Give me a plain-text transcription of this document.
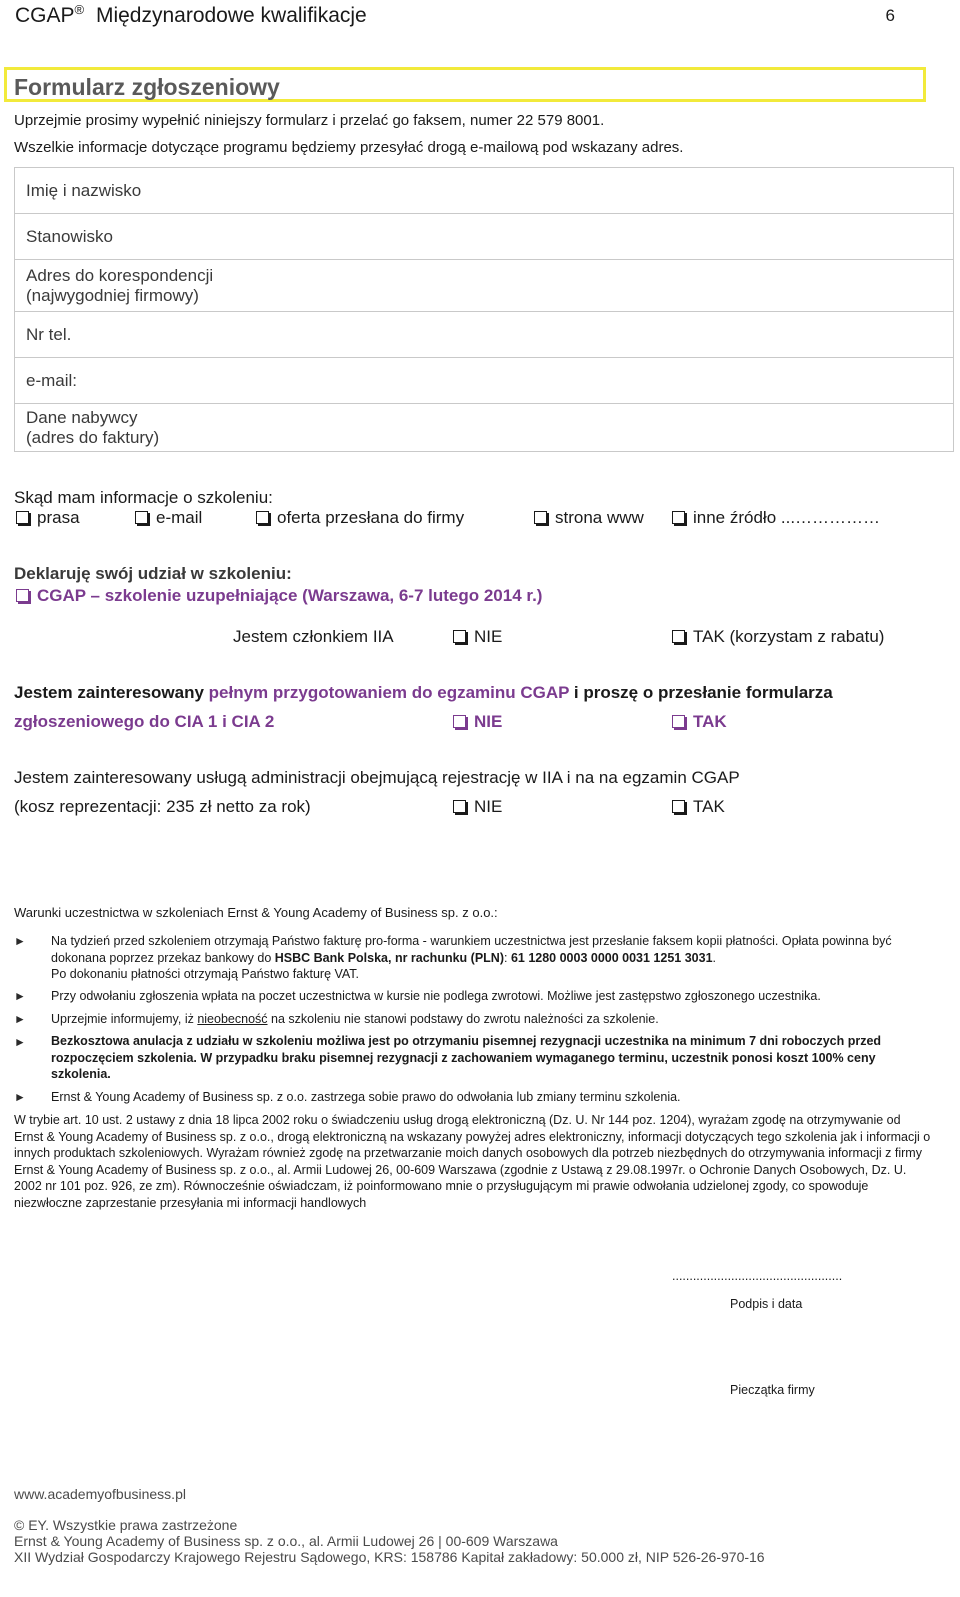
CGAP® Międzynarodowe kwalifikacje	6
Formularz zgłoszeniowy
Uprzejmie prosimy wypełnić niniejszy formularz i przelać go faksem, numer 22 579 8001.
Wszelkie informacje dotyczące programu będziemy przesyłać drogą e-mailową pod wskazany adres.
Imię i nazwisko	
Stanowisko	
Adres do korespondencji
(najwygodniej firmowy)	
Nr tel.	
e-mail:	
Dane nabywcy
(adres do faktury)	
Skąd mam informacje o szkoleniu:
prasa	e-mail	oferta przesłana do firmy	strona www	inne źródło ...……………
Deklaruję swój udział w szkoleniu:
CGAP – szkolenie uzupełniające (Warszawa, 6-7 lutego 2014 r.)
Jestem członkiem IIA	NIE	TAK (korzystam z rabatu)
Jestem zainteresowany pełnym przygotowaniem do egzaminu CGAP i proszę o przesłanie formularza
zgłoszeniowego do CIA 1 i CIA 2	NIE	TAK
Jestem zainteresowany usługą administracji obejmującą rejestrację w IIA i na na egzamin CGAP
(kosz reprezentacji: 235 zł netto za rok)	NIE	TAK
Warunki uczestnictwa w szkoleniach Ernst & Young Academy of Business sp. z o.o.:
► Na tydzień przed szkoleniem otrzymają Państwo fakturę pro-forma - warunkiem uczestnictwa jest przesłanie faksem kopii płatności. Opłata powinna być dokonana poprzez przekaz bankowy do HSBC Bank Polska, nr rachunku (PLN): 61 1280 0003 0000 0031 1251 3031.
Po dokonaniu płatności otrzymają Państwo fakturę VAT.
► Przy odwołaniu zgłoszenia wpłata na poczet uczestnictwa w kursie nie podlega zwrotowi. Możliwe jest zastępstwo zgłoszonego uczestnika.
► Uprzejmie informujemy, iż nieobecność na szkoleniu nie stanowi podstawy do zwrotu należności za szkolenie.
► Bezkosztowa anulacja z udziału w szkoleniu możliwa jest po otrzymaniu pisemnej rezygnacji uczestnika na minimum 7 dni roboczych przed rozpoczęciem szkolenia. W przypadku braku pisemnej rezygnacji z zachowaniem wymaganego terminu, uczestnik ponosi koszt 100% ceny szkolenia.
► Ernst & Young Academy of Business sp. z o.o. zastrzega sobie prawo do odwołania lub zmiany terminu szkolenia.
W trybie art. 10 ust. 2 ustawy z dnia 18 lipca 2002 roku o świadczeniu usług drogą elektroniczną (Dz. U. Nr 144 poz. 1204), wyrażam zgodę na otrzymywanie od Ernst & Young Academy of Business sp. z o.o., drogą elektroniczną na wskazany powyżej adres elektroniczny, informacji dotyczących tego szkolenia jak i informacji o innych produktach szkoleniowych. Wyrażam również zgodę na przetwarzanie moich danych osobowych dla potrzeb niezbędnych do otrzymywania informacji z firmy Ernst & Young Academy of Business sp. z o.o., al. Armii Ludowej 26, 00-609 Warszawa (zgodnie z Ustawą z 29.08.1997r. o Ochronie Danych Osobowych, Dz. U. 2002 nr 101 poz. 926, ze zm). Równocześnie oświadczam, iż poinformowano mnie o przysługującym mi prawie odwołania udzielonej zgody, co spowoduje niezwłoczne zaprzestanie przesyłania mi informacji handlowych
.................................................
Podpis i data
Pieczątka firmy
www.academyofbusiness.pl
© EY. Wszystkie prawa zastrzeżone
Ernst & Young Academy of Business sp. z o.o., al. Armii Ludowej 26 | 00-609 Warszawa
XII Wydział Gospodarczy Krajowego Rejestru Sądowego, KRS: 158786 Kapitał zakładowy: 50.000 zł, NIP 526-26-970-16
